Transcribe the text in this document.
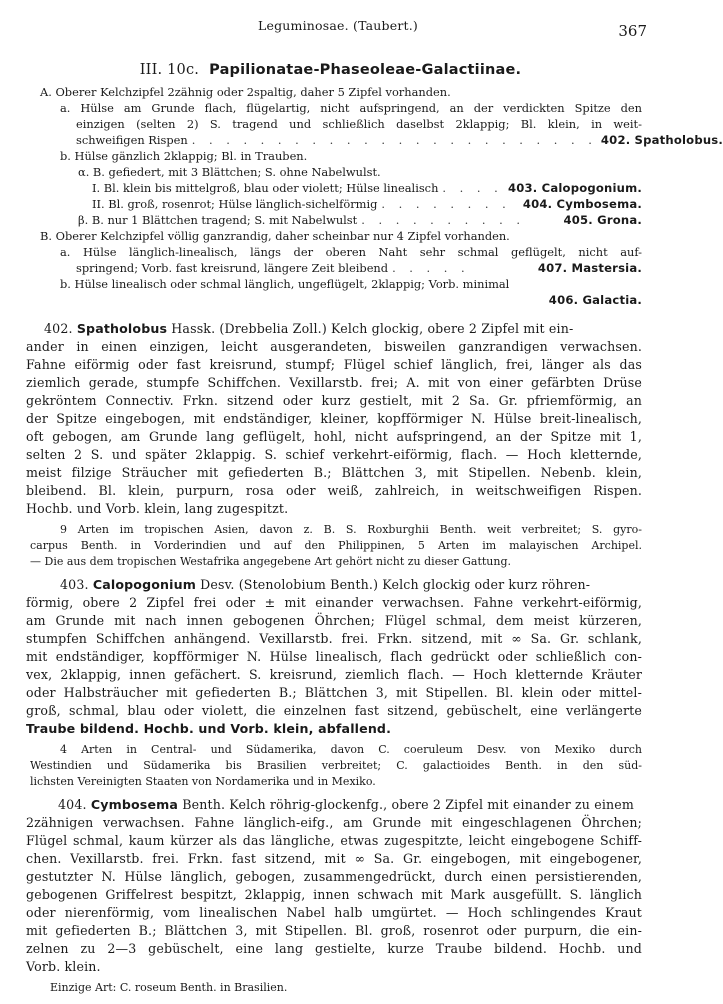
Leguminosae. (Taubert.)	367
III. 10c. Papilionatae-Phaseoleae-Galactiinae.
A. Oberer Kelchzipfel 2zähnig oder 2spaltig, daher 5 Zipfel vorhanden.
a. Hülse am Grunde flach, flügelartig, nicht aufspringend, an der verdickten Spitze den
einzigen (selten 2) S. tragend und schließlich daselbst 2klappig; Bl. klein, in weit-
schweifigen Rispen . . . . . . . . . . . . . . . . . . . . . . . . 402. Spatholobus.
b. Hülse gänzlich 2klappig; Bl. in Trauben.
α. B. gefiedert, mit 3 Blättchen; S. ohne Nabelwulst.
I. Bl. klein bis mittelgroß, blau oder violett; Hülse linealisch . . . . 403. Calopogonium.
II. Bl. groß, rosenrot; Hülse länglich-sichelförmig . . . . . . . .	404. Cymbosema.
β. B. nur 1 Blättchen tragend; S. mit Nabelwulst . . . . . . . . . .	405. Grona.
B. Oberer Kelchzipfel völlig ganzrandig, daher scheinbar nur 4 Zipfel vorhanden.
a. Hülse länglich-linealisch, längs der oberen Naht sehr schmal geflügelt, nicht auf-
springend; Vorb. fast kreisrund, längere Zeit bleibend . . . . .	407. Mastersia.
b. Hülse linealisch oder schmal länglich, ungeflügelt, 2klappig; Vorb. minimal
406. Galactia.
402. Spatholobus Hassk. (Drebbelia Zoll.) Kelch glockig, obere 2 Zipfel mit ein-
ander in einen einzigen, leicht ausgerandeten, bisweilen ganzrandigen verwachsen.
Fahne eiförmig oder fast kreisrund, stumpf; Flügel schief länglich, frei, länger als das
ziemlich gerade, stumpfe Schiffchen. Vexillarstb. frei; A. mit von einer gefärbten Drüse
gekröntem Connectiv. Frkn. sitzend oder kurz gestielt, mit 2 Sa. Gr. pfriemförmig, an
der Spitze eingebogen, mit endständiger, kleiner, kopfförmiger N. Hülse breit-linealisch,
oft gebogen, am Grunde lang geflügelt, hohl, nicht aufspringend, an der Spitze mit 1,
selten 2 S. und später 2klappig. S. schief verkehrt-eiförmig, flach. — Hoch kletternde,
meist filzige Sträucher mit gefiederten B.; Blättchen 3, mit Stipellen. Nebenb. klein,
bleibend. Bl. klein, purpurn, rosa oder weiß, zahlreich, in weitschweifigen Rispen.
Hochb. und Vorb. klein, lang zugespitzt.
9 Arten im tropischen Asien, davon z. B. S. Roxburghii Benth. weit verbreitet; S. gyro-
carpus Benth. in Vorderindien und auf den Philippinen, 5 Arten im malayischen Archipel.
— Die aus dem tropischen Westafrika angegebene Art gehört nicht zu dieser Gattung.
403. Calopogonium Desv. (Stenolobium Benth.) Kelch glockig oder kurz röhren-
förmig, obere 2 Zipfel frei oder ± mit einander verwachsen. Fahne verkehrt-eiförmig,
am Grunde mit nach innen gebogenen Öhrchen; Flügel schmal, dem meist kürzeren,
stumpfen Schiffchen anhängend. Vexillarstb. frei. Frkn. sitzend, mit ∞ Sa. Gr. schlank,
mit endständiger, kopfförmiger N. Hülse linealisch, flach gedrückt oder schließlich con-
vex, 2klappig, innen gefächert. S. kreisrund, ziemlich flach. — Hoch kletternde Kräuter
oder Halbsträucher mit gefiederten B.; Blättchen 3, mit Stipellen. Bl. klein oder mittel-
groß, schmal, blau oder violett, die einzelnen fast sitzend, gebüschelt, eine verlängerte
Traube bildend. Hochb. und Vorb. klein, abfallend.
4 Arten in Central- und Südamerika, davon C. coeruleum Desv. von Mexiko durch
Westindien und Südamerika bis Brasilien verbreitet; C. galactioides Benth. in den süd-
lichsten Vereinigten Staaten von Nordamerika und in Mexiko.
404. Cymbosema Benth. Kelch röhrig-glockenfg., obere 2 Zipfel mit einander zu einem
2zähnigen verwachsen. Fahne länglich-eifg., am Grunde mit eingeschlagenen Öhrchen;
Flügel schmal, kaum kürzer als das längliche, etwas zugespitzte, leicht eingebogene Schiff-
chen. Vexillarstb. frei. Frkn. fast sitzend, mit ∞ Sa. Gr. eingebogen, mit eingebogener,
gestutzter N. Hülse länglich, gebogen, zusammengedrückt, durch einen persistierenden,
gebogenen Griffelrest bespitzt, 2klappig, innen schwach mit Mark ausgefüllt. S. länglich
oder nierenförmig, vom linealischen Nabel halb umgürtet. — Hoch schlingendes Kraut
mit gefiederten B.; Blättchen 3, mit Stipellen. Bl. groß, rosenrot oder purpurn, die ein-
zelnen zu 2—3 gebüschelt, eine lang gestielte, kurze Traube bildend. Hochb. und
Vorb. klein.
Einzige Art: C. roseum Benth. in Brasilien.
